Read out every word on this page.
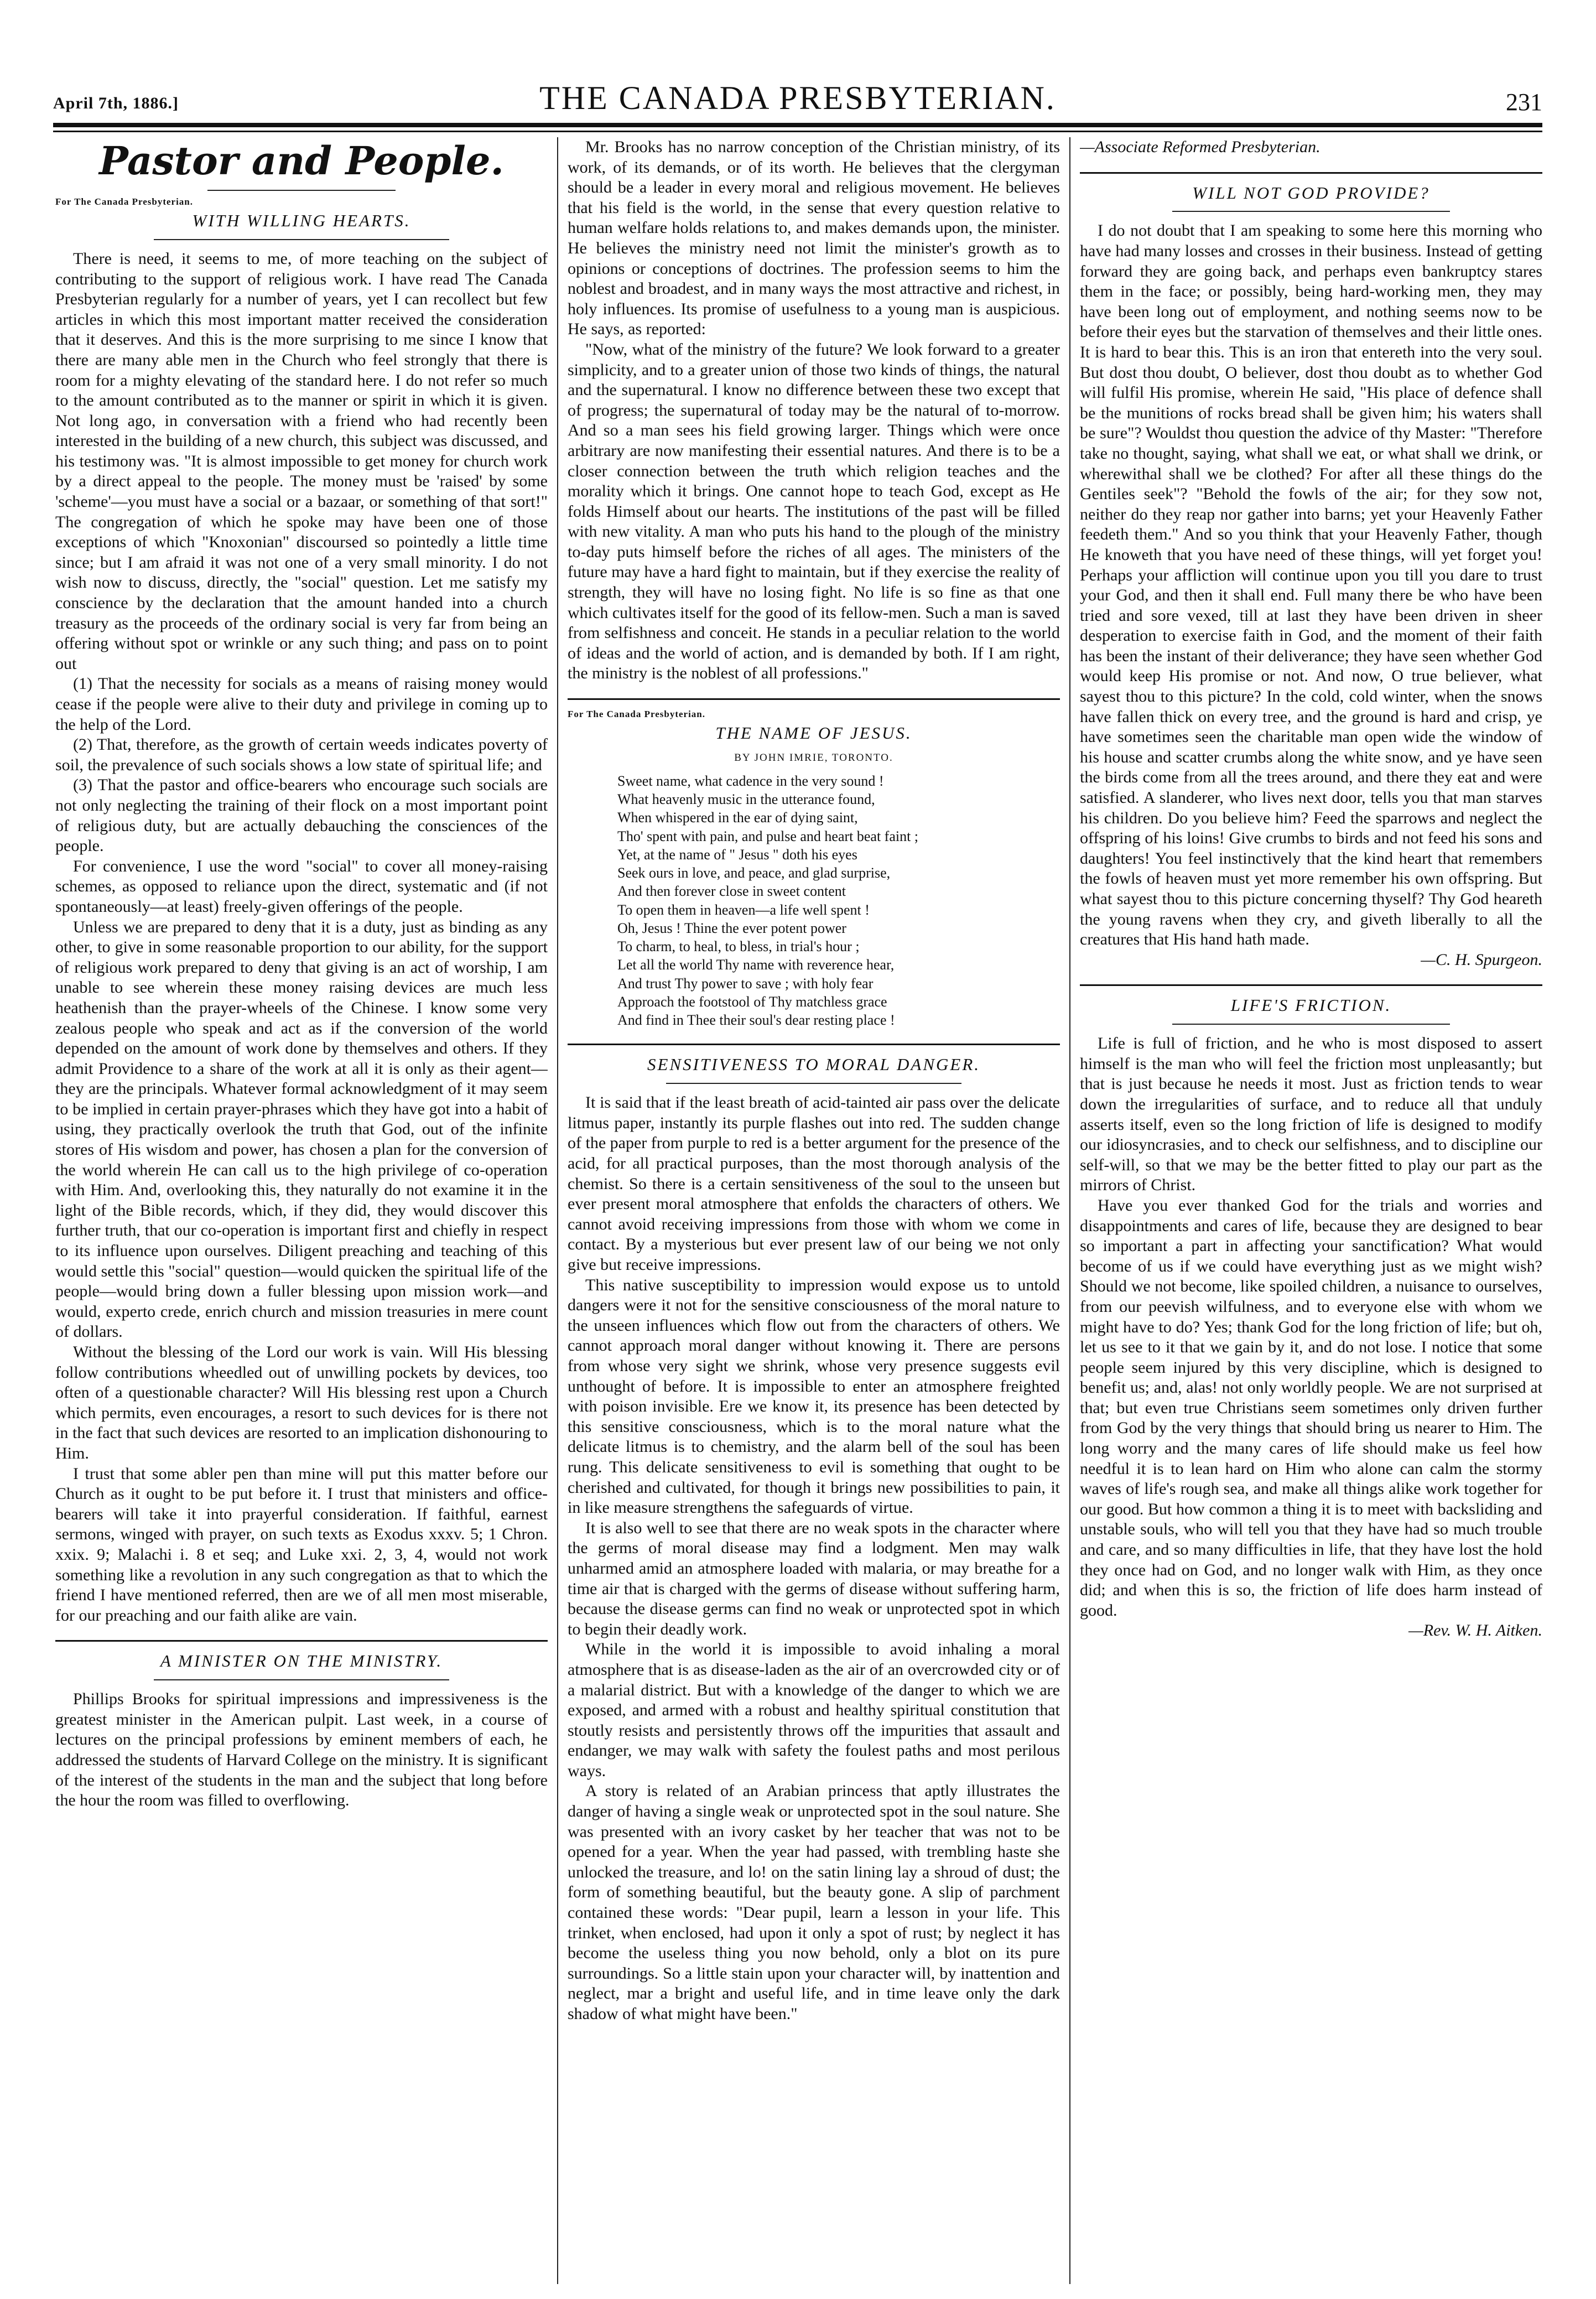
April 7th, 1886.]	THE CANADA PRESBYTERIAN.	231
Pastor and People.
For The Canada Presbyterian.
WITH WILLING HEARTS.

There is need, it seems to me, of more teaching on the subject of contributing to the support of religious work. I have read The Canada Presbyterian regularly for a number of years, yet I can recollect but few articles in which this most important matter received the consideration that it deserves. And this is the more surprising to me since I know that there are many able men in the Church who feel strongly that there is room for a mighty elevating of the standard here. I do not refer so much to the amount contributed as to the manner or spirit in which it is given. Not long ago, in conversation with a friend who had recently been interested in the building of a new church, this subject was discussed, and his testimony was. "It is almost impossible to get money for church work by a direct appeal to the people. The money must be 'raised' by some 'scheme'—you must have a social or a bazaar, or something of that sort!" The congregation of which he spoke may have been one of those exceptions of which "Knoxonian" discoursed so pointedly a little time since; but I am afraid it was not one of a very small minority. I do not wish now to discuss, directly, the "social" question. Let me satisfy my conscience by the declaration that the amount handed into a church treasury as the proceeds of the ordinary social is very far from being an offering without spot or wrinkle or any such thing; and pass on to point out

(1) That the necessity for socials as a means of raising money would cease if the people were alive to their duty and privilege in coming up to the help of the Lord.

(2) That, therefore, as the growth of certain weeds indicates poverty of soil, the prevalence of such socials shows a low state of spiritual life; and

(3) That the pastor and office-bearers who encourage such socials are not only neglecting the training of their flock on a most important point of religious duty, but are actually debauching the consciences of the people.

For convenience, I use the word "social" to cover all money-raising schemes, as opposed to reliance upon the direct, systematic and (if not spontaneously—at least) freely-given offerings of the people.

Unless we are prepared to deny that it is a duty, just as binding as any other, to give in some reasonable proportion to our ability, for the support of religious work prepared to deny that giving is an act of worship, I am unable to see wherein these money raising devices are much less heathenish than the prayer-wheels of the Chinese. I know some very zealous people who speak and act as if the conversion of the world depended on the amount of work done by themselves and others. If they admit Providence to a share of the work at all it is only as their agent—they are the principals. Whatever formal acknowledgment of it may seem to be implied in certain prayer-phrases which they have got into a habit of using, they practically overlook the truth that God, out of the infinite stores of His wisdom and power, has chosen a plan for the conversion of the world wherein He can call us to the high privilege of co-operation with Him. And, overlooking this, they naturally do not examine it in the light of the Bible records, which, if they did, they would discover this further truth, that our co-operation is important first and chiefly in respect to its influence upon ourselves. Diligent preaching and teaching of this would settle this "social" question—would quicken the spiritual life of the people—would bring down a fuller blessing upon mission work—and would, experto crede, enrich church and mission treasuries in mere count of dollars.

Without the blessing of the Lord our work is vain. Will His blessing follow contributions wheedled out of unwilling pockets by devices, too often of a questionable character? Will His blessing rest upon a Church which permits, even encourages, a resort to such devices for is there not in the fact that such devices are resorted to an implication dishonouring to Him.

I trust that some abler pen than mine will put this matter before our Church as it ought to be put before it. I trust that ministers and office-bearers will take it into prayerful consideration. If faithful, earnest sermons, winged with prayer, on such texts as Exodus xxxv. 5; 1 Chron. xxix. 9; Malachi i. 8 et seq; and Luke xxi. 2, 3, 4, would not work something like a revolution in any such congregation as that to which the friend I have mentioned referred, then are we of all men most miserable, for our preaching and our faith alike are vain.

A MINISTER ON THE MINISTRY.

Phillips Brooks for spiritual impressions and impressiveness is the greatest minister in the American pulpit. Last week, in a course of lectures on the principal professions by eminent members of each, he addressed the students of Harvard College on the ministry. It is significant of the interest of the students in the man and the subject that long before the hour the room was filled to overflowing.

Mr. Brooks has no narrow conception of the Christian ministry, of its work, of its demands, or of its worth. He believes that the clergyman should be a leader in every moral and religious movement. He believes that his field is the world, in the sense that every question relative to human welfare holds relations to, and makes demands upon, the minister. He believes the ministry need not limit the minister's growth as to opinions or conceptions of doctrines. The profession seems to him the noblest and broadest, and in many ways the most attractive and richest, in holy influences. Its promise of usefulness to a young man is auspicious. He says, as reported:

"Now, what of the ministry of the future? We look forward to a greater simplicity, and to a greater union of those two kinds of things, the natural and the supernatural. I know no difference between these two except that of progress; the supernatural of today may be the natural of to-morrow. And so a man sees his field growing larger. Things which were once arbitrary are now manifesting their essential natures. And there is to be a closer connection between the truth which religion teaches and the morality which it brings. One cannot hope to teach God, except as He folds Himself about our hearts. The institutions of the past will be filled with new vitality. A man who puts his hand to the plough of the ministry to-day puts himself before the riches of all ages. The ministers of the future may have a hard fight to maintain, but if they exercise the reality of strength, they will have no losing fight. No life is so fine as that one which cultivates itself for the good of its fellow-men. Such a man is saved from selfishness and conceit. He stands in a peculiar relation to the world of ideas and the world of action, and is demanded by both. If I am right, the ministry is the noblest of all professions."

For The Canada Presbyterian.
THE NAME OF JESUS.
BY JOHN IMRIE, TORONTO.
Sweet name, what cadence in the very sound !
What heavenly music in the utterance found,
When whispered in the ear of dying saint,
Tho' spent with pain, and pulse and heart beat faint ;
Yet, at the name of " Jesus " doth his eyes
Seek ours in love, and peace, and glad surprise,
And then forever close in sweet content
To open them in heaven—a life well spent !
Oh, Jesus ! Thine the ever potent power
To charm, to heal, to bless, in trial's hour ;
Let all the world Thy name with reverence hear,
And trust Thy power to save ; with holy fear
Approach the footstool of Thy matchless grace
And find in Thee their soul's dear resting place !
SENSITIVENESS TO MORAL DANGER.

It is said that if the least breath of acid-tainted air pass over the delicate litmus paper, instantly its purple flashes out into red. The sudden change of the paper from purple to red is a better argument for the presence of the acid, for all practical purposes, than the most thorough analysis of the chemist. So there is a certain sensitiveness of the soul to the unseen but ever present moral atmosphere that enfolds the characters of others. We cannot avoid receiving impressions from those with whom we come in contact. By a mysterious but ever present law of our being we not only give but receive impressions.

This native susceptibility to impression would expose us to untold dangers were it not for the sensitive consciousness of the moral nature to the unseen influences which flow out from the characters of others. We cannot approach moral danger without knowing it. There are persons from whose very sight we shrink, whose very presence suggests evil unthought of before. It is impossible to enter an atmosphere freighted with poison invisible. Ere we know it, its presence has been detected by this sensitive consciousness, which is to the moral nature what the delicate litmus is to chemistry, and the alarm bell of the soul has been rung. This delicate sensitiveness to evil is something that ought to be cherished and cultivated, for though it brings new possibilities to pain, it in like measure strengthens the safeguards of virtue.

It is also well to see that there are no weak spots in the character where the germs of moral disease may find a lodgment. Men may walk unharmed amid an atmosphere loaded with malaria, or may breathe for a time air that is charged with the germs of disease without suffering harm, because the disease germs can find no weak or unprotected spot in which to begin their deadly work.

While in the world it is impossible to avoid inhaling a moral atmosphere that is as disease-laden as the air of an overcrowded city or of a malarial district. But with a knowledge of the danger to which we are exposed, and armed with a robust and healthy spiritual constitution that stoutly resists and persistently throws off the impurities that assault and endanger, we may walk with safety the foulest paths and most perilous ways.

A story is related of an Arabian princess that aptly illustrates the danger of having a single weak or unprotected spot in the soul nature. She was presented with an ivory casket by her teacher that was not to be opened for a year. When the year had passed, with trembling haste she unlocked the treasure, and lo! on the satin lining lay a shroud of dust; the form of something beautiful, but the beauty gone. A slip of parchment contained these words: "Dear pupil, learn a lesson in your life. This trinket, when enclosed, had upon it only a spot of rust; by neglect it has become the useless thing you now behold, only a blot on its pure surroundings. So a little stain upon your character will, by inattention and neglect, mar a bright and useful life, and in time leave only the dark shadow of what might have been."

—Associate Reformed Presbyterian.

WILL NOT GOD PROVIDE?

I do not doubt that I am speaking to some here this morning who have had many losses and crosses in their business. Instead of getting forward they are going back, and perhaps even bankruptcy stares them in the face; or possibly, being hard-working men, they may have been long out of employment, and nothing seems now to be before their eyes but the starvation of themselves and their little ones. It is hard to bear this. This is an iron that entereth into the very soul. But dost thou doubt, O believer, dost thou doubt as to whether God will fulfil His promise, wherein He said, "His place of defence shall be the munitions of rocks bread shall be given him; his waters shall be sure"? Wouldst thou question the advice of thy Master: "Therefore take no thought, saying, what shall we eat, or what shall we drink, or wherewithal shall we be clothed? For after all these things do the Gentiles seek"? "Behold the fowls of the air; for they sow not, neither do they reap nor gather into barns; yet your Heavenly Father feedeth them." And so you think that your Heavenly Father, though He knoweth that you have need of these things, will yet forget you! Perhaps your affliction will continue upon you till you dare to trust your God, and then it shall end. Full many there be who have been tried and sore vexed, till at last they have been driven in sheer desperation to exercise faith in God, and the moment of their faith has been the instant of their deliverance; they have seen whether God would keep His promise or not. And now, O true believer, what sayest thou to this picture? In the cold, cold winter, when the snows have fallen thick on every tree, and the ground is hard and crisp, ye have sometimes seen the charitable man open wide the window of his house and scatter crumbs along the white snow, and ye have seen the birds come from all the trees around, and there they eat and were satisfied. A slanderer, who lives next door, tells you that man starves his children. Do you believe him? Feed the sparrows and neglect the offspring of his loins! Give crumbs to birds and not feed his sons and daughters! You feel instinctively that the kind heart that remembers the fowls of heaven must yet more remember his own offspring. But what sayest thou to this picture concerning thyself? Thy God heareth the young ravens when they cry, and giveth liberally to all the creatures that His hand hath made.

—C. H. Spurgeon.

LIFE'S FRICTION.

Life is full of friction, and he who is most disposed to assert himself is the man who will feel the friction most unpleasantly; but that is just because he needs it most. Just as friction tends to wear down the irregularities of surface, and to reduce all that unduly asserts itself, even so the long friction of life is designed to modify our idiosyncrasies, and to check our selfishness, and to discipline our self-will, so that we may be the better fitted to play our part as the mirrors of Christ.

Have you ever thanked God for the trials and worries and disappointments and cares of life, because they are designed to bear so important a part in affecting your sanctification? What would become of us if we could have everything just as we might wish? Should we not become, like spoiled children, a nuisance to ourselves, from our peevish wilfulness, and to everyone else with whom we might have to do? Yes; thank God for the long friction of life; but oh, let us see to it that we gain by it, and do not lose. I notice that some people seem injured by this very discipline, which is designed to benefit us; and, alas! not only worldly people. We are not surprised at that; but even true Christians seem sometimes only driven further from God by the very things that should bring us nearer to Him. The long worry and the many cares of life should make us feel how needful it is to lean hard on Him who alone can calm the stormy waves of life's rough sea, and make all things alike work together for our good. But how common a thing it is to meet with backsliding and unstable souls, who will tell you that they have had so much trouble and care, and so many difficulties in life, that they have lost the hold they once had on God, and no longer walk with Him, as they once did; and when this is so, the friction of life does harm instead of good.

—Rev. W. H. Aitken.
